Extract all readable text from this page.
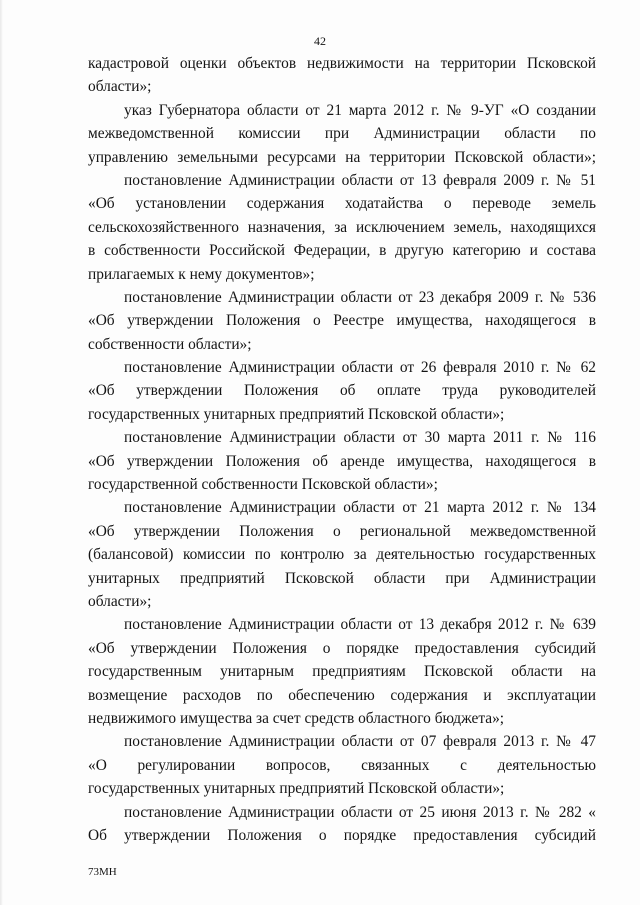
42
кадастровой оценки объектов недвижимости на территории Псковской
области»;
указ Губернатора области от 21 марта 2012 г. № 9-УГ «О создании
межведомственной комиссии при Администрации области по
управлению земельными ресурсами на территории Псковской области»;
постановление Администрации области от 13 февраля 2009 г. № 51
«Об установлении содержания ходатайства о переводе земель
сельскохозяйственного назначения, за исключением земель, находящихся
в собственности Российской Федерации, в другую категорию и состава
прилагаемых к нему документов»;
постановление Администрации области от 23 декабря 2009 г. № 536
«Об утверждении Положения о Реестре имущества, находящегося в
собственности области»;
постановление Администрации области от 26 февраля 2010 г. № 62
«Об утверждении Положения об оплате труда руководителей
государственных унитарных предприятий Псковской области»;
постановление Администрации области от 30 марта 2011 г. № 116
«Об утверждении Положения об аренде имущества, находящегося в
государственной собственности Псковской области»;
постановление Администрации области от 21 марта 2012 г. № 134
«Об утверждении Положения о региональной межведомственной
(балансовой) комиссии по контролю за деятельностью государственных
унитарных предприятий Псковской области при Администрации
области»;
постановление Администрации области от 13 декабря 2012 г. № 639
«Об утверждении Положения о порядке предоставления субсидий
государственным унитарным предприятиям Псковской области на
возмещение расходов по обеспечению содержания и эксплуатации
недвижимого имущества за счет средств областного бюджета»;
постановление Администрации области от 07 февраля 2013 г. № 47
«О регулировании вопросов, связанных с деятельностью
государственных унитарных предприятий Псковской области»;
постановление Администрации области от 25 июня 2013 г. № 282 «
Об утверждении Положения о порядке предоставления субсидий
73МН
